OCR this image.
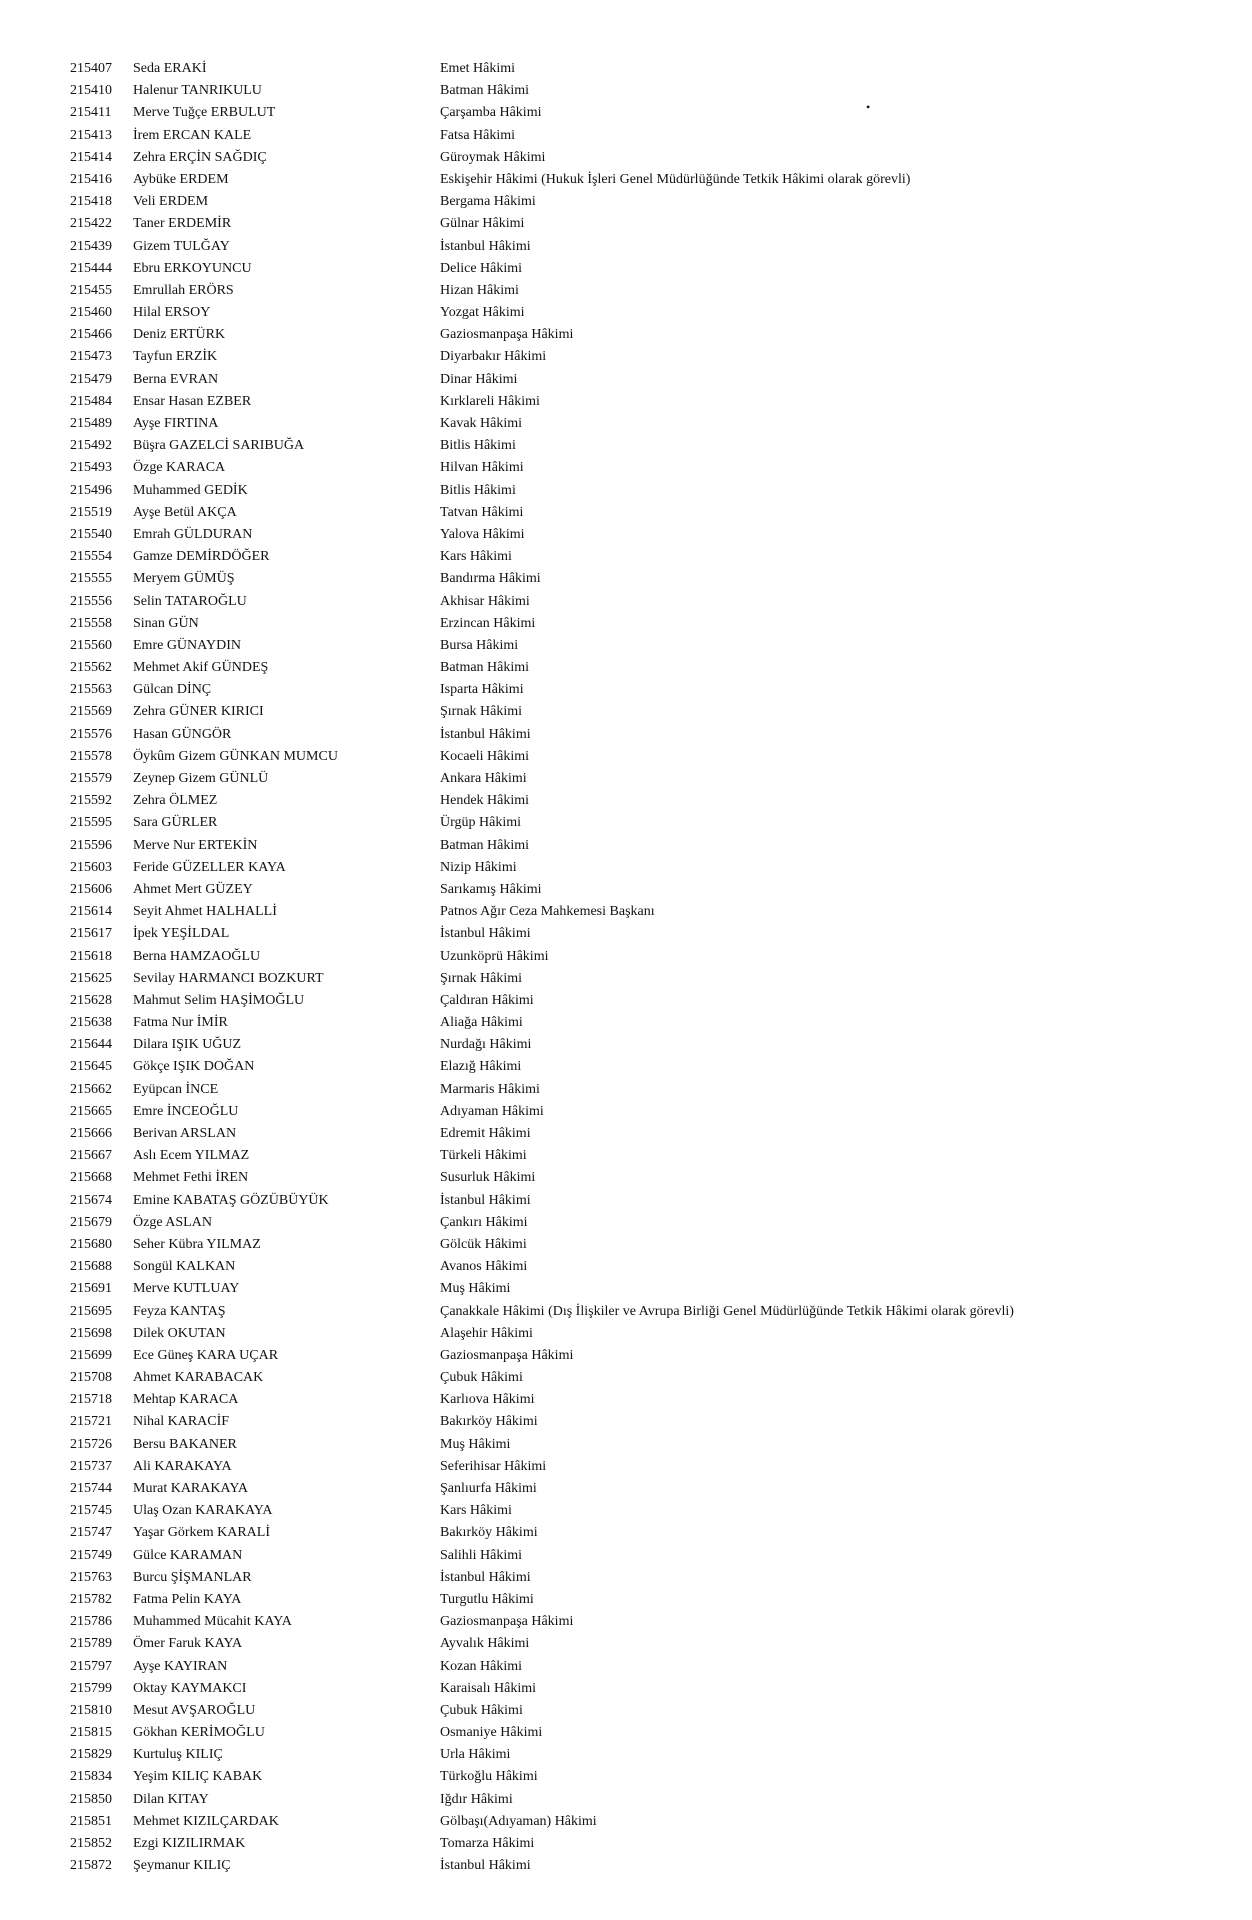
•
215407 Seda ERAKİ	Emet Hâkimi
215410 Halenur TANRIKULU	Batman Hâkimi
215411 Merve Tuğçe ERBULUT	Çarşamba Hâkimi
215413 İrem ERCAN KALE	Fatsa Hâkimi
215414 Zehra ERÇİN SAĞDIÇ	Güroymak Hâkimi
215416 Aybüke ERDEM	Eskişehir Hâkimi (Hukuk İşleri Genel Müdürlüğünde Tetkik Hâkimi olarak görevli)
215418 Veli ERDEM	Bergama Hâkimi
215422 Taner ERDEMİR	Gülnar Hâkimi
215439 Gizem TULĞAY	İstanbul Hâkimi
215444 Ebru ERKOYUNCU	Delice Hâkimi
215455 Emrullah ERÖRS	Hizan Hâkimi
215460 Hilal ERSOY	Yozgat Hâkimi
215466 Deniz ERTÜRK	Gaziosmanpaşa Hâkimi
215473 Tayfun ERZİK	Diyarbakır Hâkimi
215479 Berna EVRAN	Dinar Hâkimi
215484 Ensar Hasan EZBER	Kırklareli Hâkimi
215489 Ayşe FIRTINA	Kavak Hâkimi
215492 Büşra GAZELCİ SARIBUĞA	Bitlis Hâkimi
215493 Özge KARACA	Hilvan Hâkimi
215496 Muhammed GEDİK	Bitlis Hâkimi
215519 Ayşe Betül AKÇA	Tatvan Hâkimi
215540 Emrah GÜLDURAN	Yalova Hâkimi
215554 Gamze DEMİRDÖĞER	Kars Hâkimi
215555 Meryem GÜMÜŞ	Bandırma Hâkimi
215556 Selin TATAROĞLU	Akhisar Hâkimi
215558 Sinan GÜN	Erzincan Hâkimi
215560 Emre GÜNAYDIN	Bursa Hâkimi
215562 Mehmet Akif GÜNDEŞ	Batman Hâkimi
215563 Gülcan DİNÇ	Isparta Hâkimi
215569 Zehra GÜNER KIRICI	Şırnak Hâkimi
215576 Hasan GÜNGÖR	İstanbul Hâkimi
215578 Öykûm Gizem GÜNKAN MUMCU	Kocaeli Hâkimi
215579 Zeynep Gizem GÜNLÜ	Ankara Hâkimi
215592 Zehra ÖLMEZ	Hendek Hâkimi
215595 Sara GÜRLER	Ürgüp Hâkimi
215596 Merve Nur ERTEKİN	Batman Hâkimi
215603 Feride GÜZELLER KAYA	Nizip Hâkimi
215606 Ahmet Mert GÜZEY	Sarıkamış Hâkimi
215614 Seyit Ahmet HALHALLİ	Patnos Ağır Ceza Mahkemesi Başkanı
215617 İpek YEŞİLDAL	İstanbul Hâkimi
215618 Berna HAMZAOĞLU	Uzunköprü Hâkimi
215625 Sevilay HARMANCI BOZKURT	Şırnak Hâkimi
215628 Mahmut Selim HAŞİMOĞLU	Çaldıran Hâkimi
215638 Fatma Nur İMİR	Aliağa Hâkimi
215644 Dilara IŞIK UĞUZ	Nurdağı Hâkimi
215645 Gökçe IŞIK DOĞAN	Elazığ Hâkimi
215662 Eyüpcan İNCE	Marmaris Hâkimi
215665 Emre İNCEOĞLU	Adıyaman Hâkimi
215666 Berivan ARSLAN	Edremit Hâkimi
215667 Aslı Ecem YILMAZ	Türkeli Hâkimi
215668 Mehmet Fethi İREN	Susurluk Hâkimi
215674 Emine KABATAŞ GÖZÜBÜYÜK	İstanbul Hâkimi
215679 Özge ASLAN	Çankırı Hâkimi
215680 Seher Kübra YILMAZ	Gölcük Hâkimi
215688 Songül KALKAN	Avanos Hâkimi
215691 Merve KUTLUAY	Muş Hâkimi
215695 Feyza KANTAŞ	Çanakkale Hâkimi (Dış İlişkiler ve Avrupa Birliği Genel Müdürlüğünde Tetkik Hâkimi olarak görevli)
215698 Dilek OKUTAN	Alaşehir Hâkimi
215699 Ece Güneş KARA UÇAR	Gaziosmanpaşa Hâkimi
215708 Ahmet KARABACAK	Çubuk Hâkimi
215718 Mehtap KARACA	Karlıova Hâkimi
215721 Nihal KARACİF	Bakırköy Hâkimi
215726 Bersu BAKANER	Muş Hâkimi
215737 Ali KARAKAYA	Seferihisar Hâkimi
215744 Murat KARAKAYA	Şanlıurfa Hâkimi
215745 Ulaş Ozan KARAKAYA	Kars Hâkimi
215747 Yaşar Görkem KARALİ	Bakırköy Hâkimi
215749 Gülce KARAMAN	Salihli Hâkimi
215763 Burcu ŞİŞMANLAR	İstanbul Hâkimi
215782 Fatma Pelin KAYA	Turgutlu Hâkimi
215786 Muhammed Mücahit KAYA	Gaziosmanpaşa Hâkimi
215789 Ömer Faruk KAYA	Ayvalık Hâkimi
215797 Ayşe KAYIRAN	Kozan Hâkimi
215799 Oktay KAYMAKCI	Karaisalı Hâkimi
215810 Mesut AVŞAROĞLU	Çubuk Hâkimi
215815 Gökhan KERİMOĞLU	Osmaniye Hâkimi
215829 Kurtuluş KILIÇ	Urla Hâkimi
215834 Yeşim KILIÇ KABAK	Türkoğlu Hâkimi
215850 Dilan KITAY	Iğdır Hâkimi
215851 Mehmet KIZILÇARDAK	Gölbaşı(Adıyaman) Hâkimi
215852 Ezgi KIZILIRMAK	Tomarza Hâkimi
215872 Şeymanur KILIÇ	İstanbul Hâkimi
